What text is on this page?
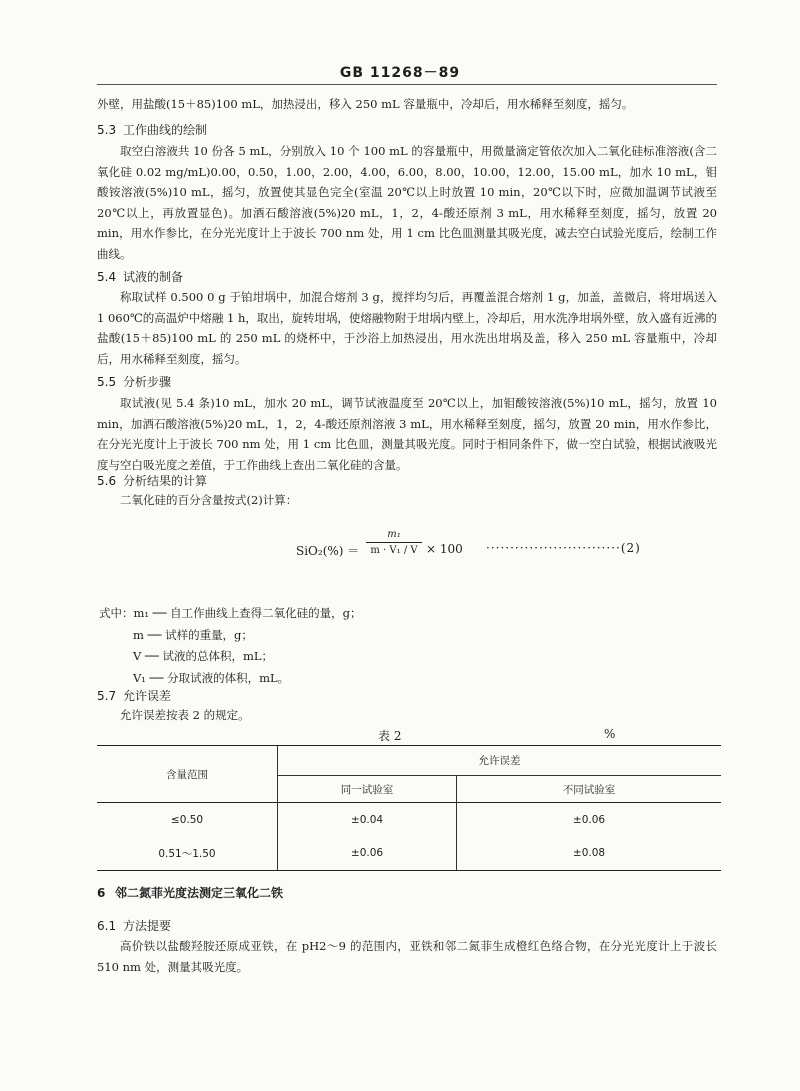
GB 11268－89
外壁，用盐酸(15＋85)100 mL，加热浸出，移入 250 mL 容量瓶中，冷却后，用水稀释至刻度，摇匀。
5.3 工作曲线的绘制
取空白溶液共 10 份各 5 mL，分别放入 10 个 100 mL 的容量瓶中，用微量滴定管依次加入二氧化硅标准溶液(含二氧化硅 0.02 mg/mL)0.00，0.50，1.00，2.00，4.00，6.00，8.00，10.00，12.00，15.00 mL，加水 10 mL，钼酸铵溶液(5%)10 mL，摇匀，放置使其显色完全(室温 20℃以上时放置 10 min，20℃以下时，应微加温调节试液至 20℃以上，再放置显色)。加酒石酸溶液(5%)20 mL，1，2，4-酸还原剂 3 mL，用水稀释至刻度，摇匀，放置 20 min，用水作参比，在分光光度计上于波长 700 nm 处，用 1 cm 比色皿测量其吸光度，减去空白试验光度后，绘制工作曲线。
5.4 试液的制备
称取试样 0.500 0 g 于铂坩埚中，加混合熔剂 3 g，搅拌均匀后，再覆盖混合熔剂 1 g，加盖，盖微启，将坩埚送入 1 060℃的高温炉中熔融 1 h，取出，旋转坩埚，使熔融物附于坩埚内壁上，冷却后，用水洗净坩埚外壁，放入盛有近沸的盐酸(15＋85)100 mL 的 250 mL 的烧杯中，于沙浴上加热浸出，用水洗出坩埚及盖，移入 250 mL 容量瓶中，冷却后，用水稀释至刻度，摇匀。
5.5 分析步骤
取试液(见 5.4 条)10 mL，加水 20 mL，调节试液温度至 20℃以上，加钼酸铵溶液(5%)10 mL，摇匀，放置 10 min，加酒石酸溶液(5%)20 mL，1，2，4-酸还原剂溶液 3 mL，用水稀释至刻度，摇匀，放置 20 min，用水作参比，在分光光度计上于波长 700 nm 处，用 1 cm 比色皿，测量其吸光度。同时于相同条件下，做一空白试验，根据试液吸光度与空白吸光度之差值，于工作曲线上查出二氧化硅的含量。
5.6 分析结果的计算
二氧化硅的百分含量按式(2)计算：
SiO₂(%) ＝
m₁
m · V₁ / V × 100 ····························(2)
式中：m₁ ── 自工作曲线上查得二氧化硅的量，g；
m ── 试样的重量，g；
V ── 试液的总体积，mL；
V₁ ── 分取试液的体积，mL。
5.7 允许误差
允许误差按表 2 的规定。
表 2	%
含量范围	允许误差	
	同一试验室	不同试验室
≤0.50	±0.04	±0.06
0.51～1.50	±0.06	±0.08
6 邻二氮菲光度法测定三氧化二铁
6.1 方法提要
高价铁以盐酸羟胺还原成亚铁，在 pH2～9 的范围内，亚铁和邻二氮菲生成橙红色络合物，在分光光度计上于波长 510 nm 处，测量其吸光度。
